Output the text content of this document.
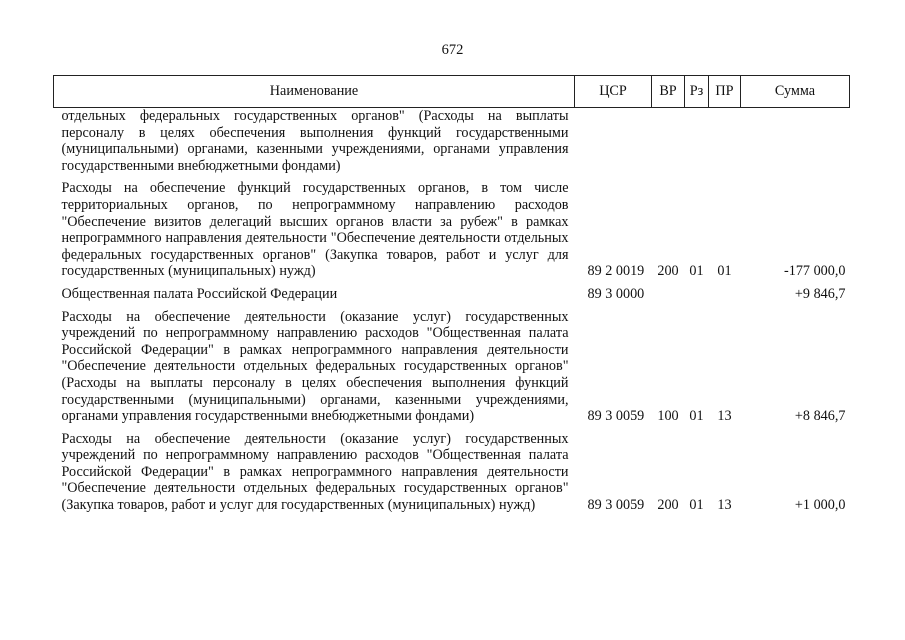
672
Наименование	ЦСР	ВР	Рз	ПР	Сумма
отдельных федеральных государственных органов" (Расходы на выплаты персоналу в целях обеспечения выполнения функций государственными (муниципальными) органами, казенными учреждениями, органами управления государственными внебюджетными фондами)					
Расходы на обеспечение функций государственных органов, в том числе территориальных органов, по непрограммному направлению расходов "Обеспечение визитов делегаций высших органов власти за рубеж" в рамках непрограммного направления деятельности "Обеспечение деятельности отдельных федеральных государственных органов" (Закупка товаров, работ и услуг для государственных (муниципальных) нужд)	89 2 0019	200	01	01	-177 000,0
Общественная палата Российской Федерации	89 3 0000				+9 846,7
Расходы на обеспечение деятельности (оказание услуг) государственных учреждений по непрограммному направлению расходов "Общественная палата Российской Федерации" в рамках непрограммного направления деятельности "Обеспечение деятельности отдельных федеральных государственных органов" (Расходы на выплаты персоналу в целях обеспечения выполнения функций государственными (муниципальными) органами, казенными учреждениями, органами управления государственными внебюджетными фондами)	89 3 0059	100	01	13	+8 846,7
Расходы на обеспечение деятельности (оказание услуг) государственных учреждений по непрограммному направлению расходов "Общественная палата Российской Федерации" в рамках непрограммного направления деятельности "Обеспечение деятельности отдельных федеральных государственных органов" (Закупка товаров, работ и услуг для государственных (муниципальных) нужд)	89 3 0059	200	01	13	+1 000,0
